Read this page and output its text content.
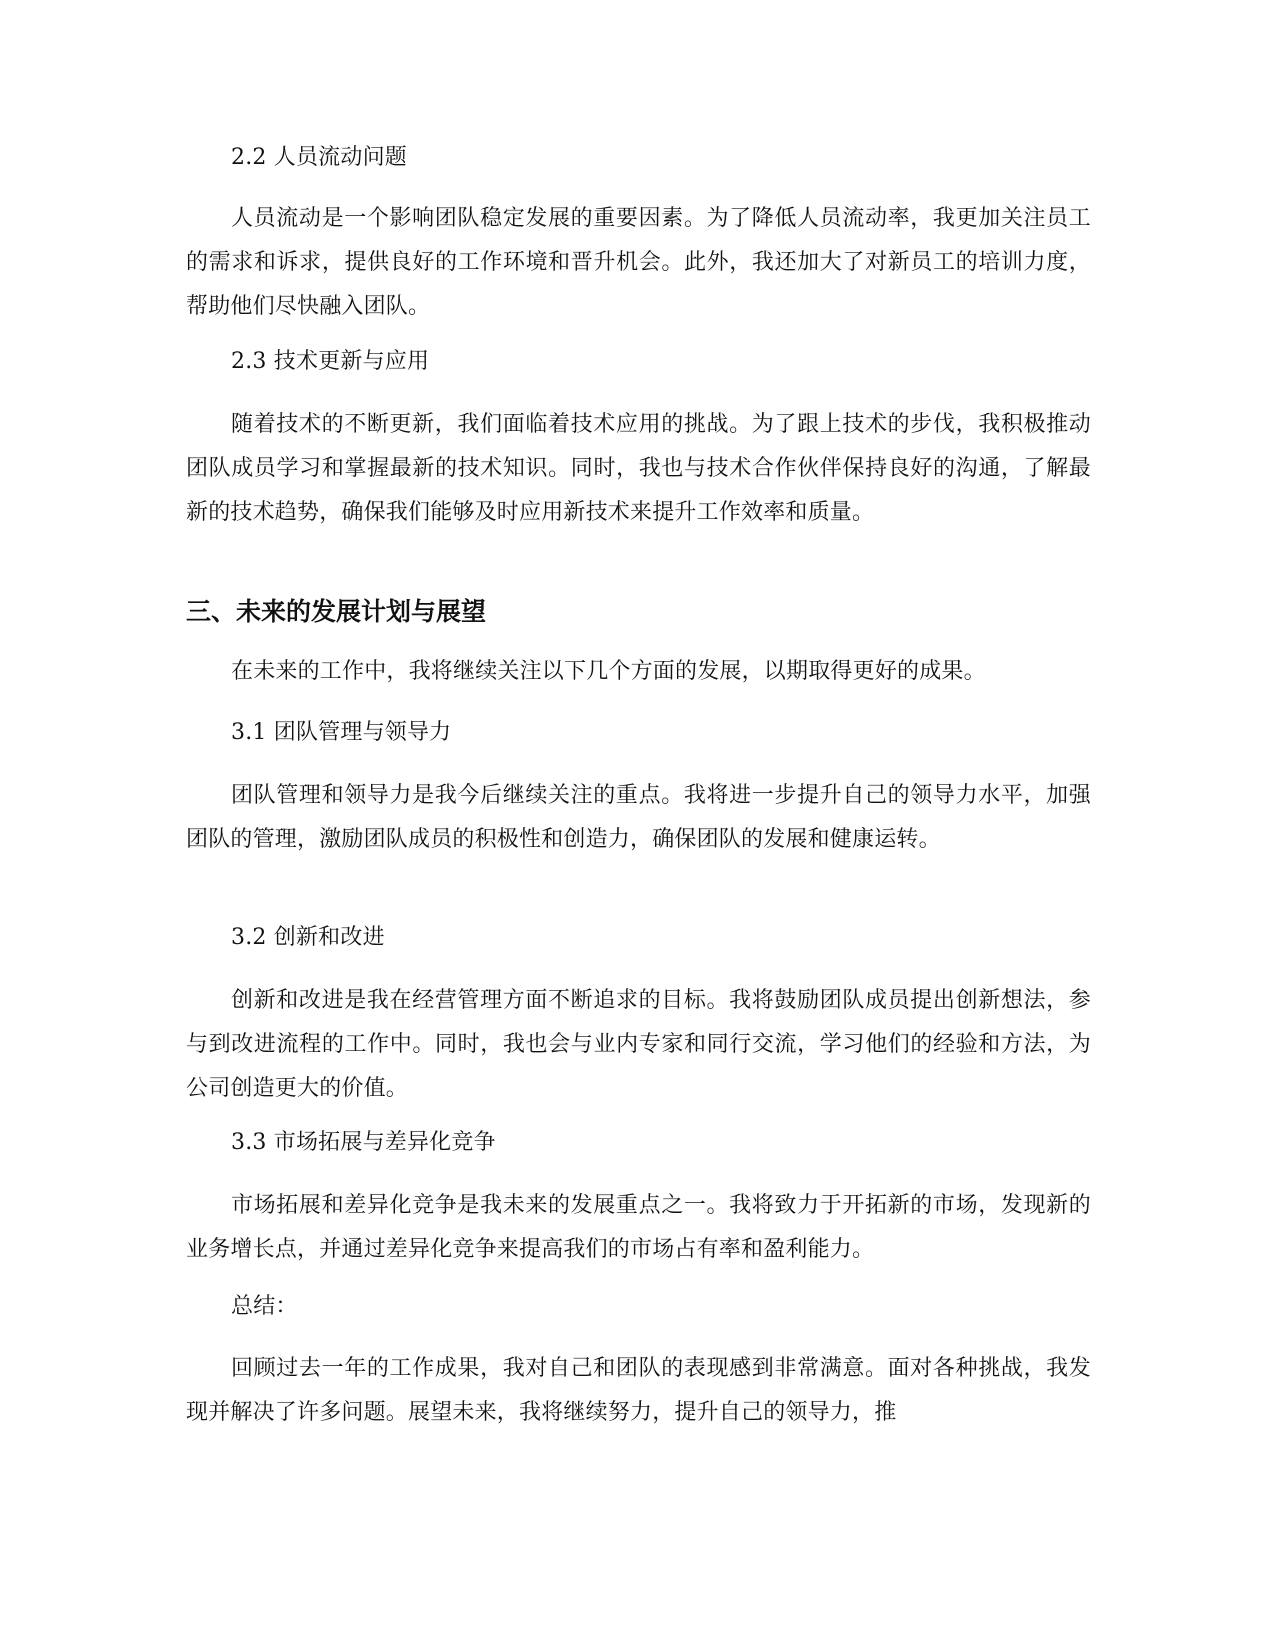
2.2 人员流动问题

人员流动是一个影响团队稳定发展的重要因素。为了降低人员流动率，我更加关注员工的需求和诉求，提供良好的工作环境和晋升机会。此外，我还加大了对新员工的培训力度，帮助他们尽快融入团队。

2.3 技术更新与应用

随着技术的不断更新，我们面临着技术应用的挑战。为了跟上技术的步伐，我积极推动团队成员学习和掌握最新的技术知识。同时，我也与技术合作伙伴保持良好的沟通，了解最新的技术趋势，确保我们能够及时应用新技术来提升工作效率和质量。

三、未来的发展计划与展望

在未来的工作中，我将继续关注以下几个方面的发展，以期取得更好的成果。

3.1 团队管理与领导力

团队管理和领导力是我今后继续关注的重点。我将进一步提升自己的领导力水平，加强团队的管理，激励团队成员的积极性和创造力，确保团队的发展和健康运转。

3.2 创新和改进

创新和改进是我在经营管理方面不断追求的目标。我将鼓励团队成员提出创新想法，参与到改进流程的工作中。同时，我也会与业内专家和同行交流，学习他们的经验和方法，为公司创造更大的价值。

3.3 市场拓展与差异化竞争

市场拓展和差异化竞争是我未来的发展重点之一。我将致力于开拓新的市场，发现新的业务增长点，并通过差异化竞争来提高我们的市场占有率和盈利能力。

总结：

回顾过去一年的工作成果，我对自己和团队的表现感到非常满意。面对各种挑战，我发现并解决了许多问题。展望未来，我将继续努力，提升自己的领导力，推
